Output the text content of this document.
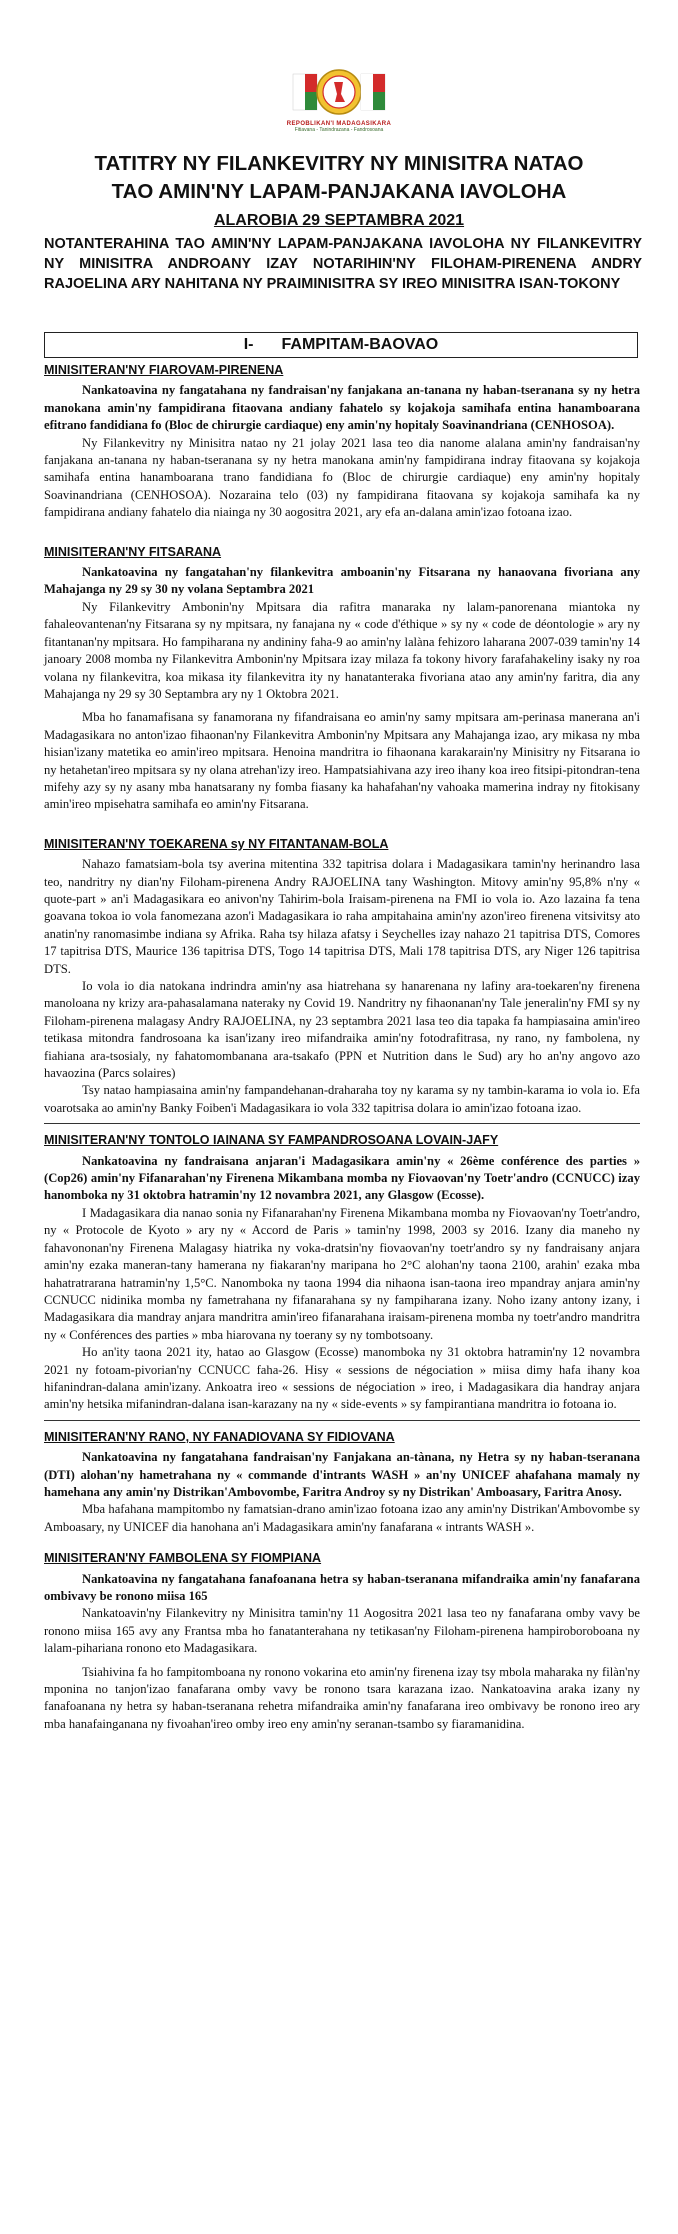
REPOBLIKAN'I MADAGASIKARA
Fitiavana - Tanindrazana - Fandrosoana
TATITRY NY FILANKEVITRY NY MINISITRA NATAO
TAO AMIN'NY LAPAM-PANJAKANA IAVOLOHA
ALAROBIA 29 SEPTAMBRA 2021
NOTANTERAHINA TAO AMIN'NY LAPAM-PANJAKANA IAVOLOHA NY FILANKEVITRY NY MINISITRA ANDROANY IZAY NOTARIHIN'NY FILOHAM-PIRENENA ANDRY RAJOELINA ARY NAHITANA NY PRAIMINISITRA SY IREO MINISITRA ISAN-TOKONY
I- FAMPITAM-BAOVAO
MINISITERAN'NY FIAROVAM-PIRENENA

Nankatoavina ny fangatahana ny fandraisan'ny fanjakana an-tanana ny haban-tseranana sy ny hetra manokana amin'ny fampidirana fitaovana andiany fahatelo sy kojakoja samihafa entina hanamboarana efitrano fandidiana fo (Bloc de chirurgie cardiaque) eny amin'ny hopitaly Soavinandriana (CENHOSOA).

Ny Filankevitry ny Minisitra natao ny 21 jolay 2021 lasa teo dia nanome alalana amin'ny fandraisan'ny fanjakana an-tanana ny haban-tseranana sy ny hetra manokana amin'ny fampidirana indray fitaovana sy kojakoja samihafa entina hanamboarana trano fandidiana fo (Bloc de chirurgie cardiaque) eny amin'ny hopitaly Soavinandriana (CENHOSOA). Nozaraina telo (03) ny fampidirana fitaovana sy kojakoja samihafa ka ny fampidirana andiany fahatelo dia niainga ny 30 aogositra 2021, ary efa an-dalana amin'izao fotoana izao.

MINISITERAN'NY FITSARANA

Nankatoavina ny fangatahan'ny filankevitra amboanin'ny Fitsarana ny hanaovana fivoriana any Mahajanga ny 29 sy 30 ny volana Septambra 2021

Ny Filankevitry Ambonin'ny Mpitsara dia rafitra manaraka ny lalam-panorenana miantoka ny fahaleovantenan'ny Fitsarana sy ny mpitsara, ny fanajana ny « code d'éthique » sy ny « code de déontologie » ary ny fitantanan'ny mpitsara. Ho fampiharana ny andininy faha-9 ao amin'ny lalàna fehizoro laharana 2007-039 tamin'ny 14 janoary 2008 momba ny Filankevitra Ambonin'ny Mpitsara izay milaza fa tokony hivory farafahakeliny isaky ny roa volana ny filankevitra, koa mikasa ity filankevitra ity ny hanatanteraka fivoriana atao any amin'ny faritra, dia any Mahajanga ny 29 sy 30 Septambra ary ny 1 Oktobra 2021.

Mba ho fanamafisana sy fanamorana ny fifandraisana eo amin'ny samy mpitsara am-perinasa manerana an'i Madagasikara no anton'izao fihaonan'ny Filankevitra Ambonin'ny Mpitsara any Mahajanga izao, ary mikasa ny mba hisian'izany matetika eo amin'ireo mpitsara. Henoina mandritra io fihaonana karakarain'ny Minisitry ny Fitsarana io ny hetahetan'ireo mpitsara sy ny olana atrehan'izy ireo. Hampatsiahivana azy ireo ihany koa ireo fitsipi-pitondran-tena mifehy azy sy ny asany mba hanatsarany ny fomba fiasany ka hahafahan'ny vahoaka mamerina indray ny fitokisany amin'ireo mpisehatra samihafa eo amin'ny Fitsarana.

MINISITERAN'NY TOEKARENA sy NY FITANTANAM-BOLA

Nahazo famatsiam-bola tsy averina mitentina 332 tapitrisa dolara i Madagasikara tamin'ny herinandro lasa teo, nandritry ny dian'ny Filoham-pirenena Andry RAJOELINA tany Washington. Mitovy amin'ny 95,8% n'ny « quote-part » an'i Madagasikara eo anivon'ny Tahirim-bola Iraisam-pirenena na FMI io vola io. Azo lazaina fa tena goavana tokoa io vola fanomezana azon'i Madagasikara io raha ampitahaina amin'ny azon'ireo firenena vitsivitsy ato anatin'ny ranomasimbe indiana sy Afrika. Raha tsy hilaza afatsy i Seychelles izay nahazo 21 tapitrisa DTS, Comores 17 tapitrisa DTS, Maurice 136 tapitrisa DTS, Togo 14 tapitrisa DTS, Mali 178 tapitrisa DTS, ary Niger 126 tapitrisa DTS.

Io vola io dia natokana indrindra amin'ny asa hiatrehana sy hanarenana ny lafiny ara-toekaren'ny firenena manoloana ny krizy ara-pahasalamana nateraky ny Covid 19. Nandritry ny fihaonanan'ny Tale jeneralin'ny FMI sy ny Filoham-pirenena malagasy Andry RAJOELINA, ny 23 septambra 2021 lasa teo dia tapaka fa hampiasaina amin'ireo tetikasa mitondra fandrosoana ka isan'izany ireo mifandraika amin'ny fotodrafitrasa, ny rano, ny fambolena, ny fiahiana ara-tsosialy, ny fahatomombanana ara-tsakafo (PPN et Nutrition dans le Sud) ary ho an'ny angovo azo havaozina (Parcs solaires)

Tsy natao hampiasaina amin'ny fampandehanan-draharaha toy ny karama sy ny tambin-karama io vola io. Efa voarotsaka ao amin'ny Banky Foiben'i Madagasikara io vola 332 tapitrisa dolara io amin'izao fotoana izao.

MINISITERAN'NY TONTOLO IAINANA SY FAMPANDROSOANA LOVAIN-JAFY

Nankatoavina ny fandraisana anjaran'i Madagasikara amin'ny « 26ème conférence des parties » (Cop26) amin'ny Fifanarahan'ny Firenena Mikambana momba ny Fiovaovan'ny Toetr'andro (CCNUCC) izay hanomboka ny 31 oktobra hatramin'ny 12 novambra 2021, any Glasgow (Ecosse).

I Madagasikara dia nanao sonia ny Fifanarahan'ny Firenena Mikambana momba ny Fiovaovan'ny Toetr'andro, ny « Protocole de Kyoto » ary ny « Accord de Paris » tamin'ny 1998, 2003 sy 2016. Izany dia maneho ny fahavononan'ny Firenena Malagasy hiatrika ny voka-dratsin'ny fiovaovan'ny toetr'andro sy ny fandraisany anjara amin'ny ezaka maneran-tany hamerana ny fiakaran'ny maripana ho 2°C alohan'ny taona 2100, arahin' ezaka mba hahatratrarana hatramin'ny 1,5°C. Nanomboka ny taona 1994 dia nihaona isan-taona ireo mpandray anjara amin'ny CCNUCC nidinika momba ny fametrahana ny fifanarahana sy ny fampiharana izany. Noho izany antony izany, i Madagasikara dia mandray anjara mandritra amin'ireo fifanarahana iraisam-pirenena momba ny toetr'andro mandritra ny « Conférences des parties » mba hiarovana ny toerany sy ny tombotsoany.

Ho an'ity taona 2021 ity, hatao ao Glasgow (Ecosse) manomboka ny 31 oktobra hatramin'ny 12 novambra 2021 ny fotoam-pivorian'ny CCNUCC faha-26. Hisy « sessions de négociation » miisa dimy hafa ihany koa hifanindran-dalana amin'izany. Ankoatra ireo « sessions de négociation » ireo, i Madagasikara dia handray anjara amin'ny hetsika mifanindran-dalana isan-karazany na ny « side-events » sy fampirantiana mandritra io fotoana io.

MINISITERAN'NY RANO, NY FANADIOVANA SY FIDIOVANA

Nankatoavina ny fangatahana fandraisan'ny Fanjakana an-tànana, ny Hetra sy ny haban-tseranana (DTI) alohan'ny hametrahana ny « commande d'intrants WASH » an'ny UNICEF ahafahana mamaly ny hamehana any amin'ny Distrikan'Ambovombe, Faritra Androy sy ny Distrikan' Amboasary, Faritra Anosy.

Mba hafahana mampitombo ny famatsian-drano amin'izao fotoana izao any amin'ny Distrikan'Ambovombe sy Amboasary, ny UNICEF dia hanohana an'i Madagasikara amin'ny fanafarana « intrants WASH ».

MINISITERAN'NY FAMBOLENA SY FIOMPIANA

Nankatoavina ny fangatahana fanafoanana hetra sy haban-tseranana mifandraika amin'ny fanafarana ombivavy be ronono miisa 165

Nankatoavin'ny Filankevitry ny Minisitra tamin'ny 11 Aogositra 2021 lasa teo ny fanafarana omby vavy be ronono miisa 165 avy any Frantsa mba ho fanatanterahana ny tetikasan'ny Filoham-pirenena hampiroboroboana ny lalam-pihariana ronono eto Madagasikara.

Tsiahivina fa ho fampitomboana ny ronono vokarina eto amin'ny firenena izay tsy mbola maharaka ny filàn'ny mponina no tanjon'izao fanafarana omby vavy be ronono tsara karazana izao. Nankatoavina araka izany ny fanafoanana ny hetra sy haban-tseranana rehetra mifandraika amin'ny fanafarana ireo ombivavy be ronono ireo ary mba hanafainganana ny fivoahan'ireo omby ireo eny amin'ny seranan-tsambo sy fiaramanidina.
